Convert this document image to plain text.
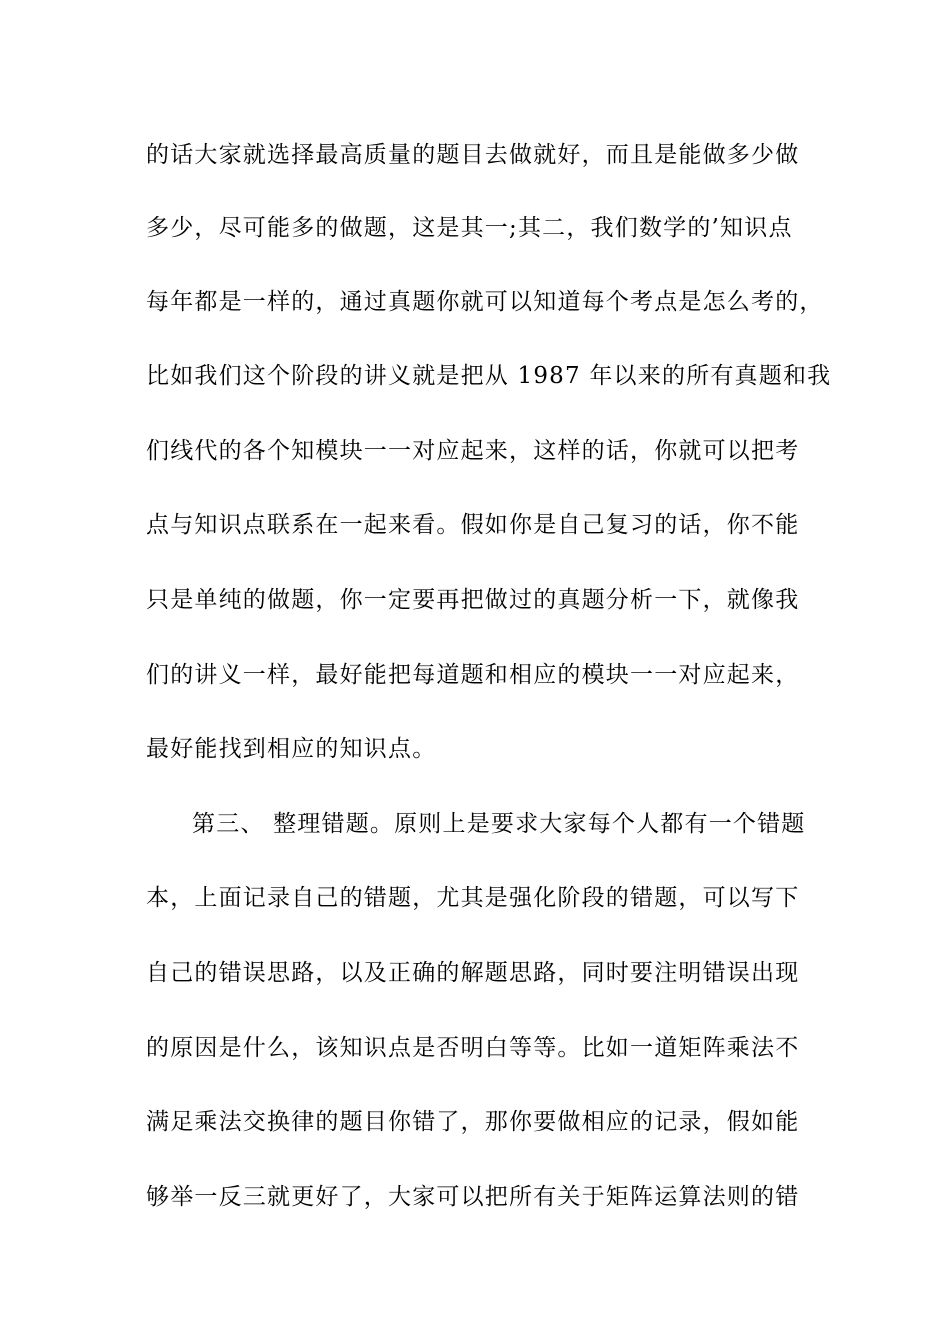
的话大家就选择最高质量的题目去做就好，而且是能做多少做
多少，尽可能多的做题，这是其一;其二，我们数学的’知识点
每年都是一样的，通过真题你就可以知道每个考点是怎么考的，
比如我们这个阶段的讲义就是把从 1987 年以来的所有真题和我
们线代的各个知模块一一对应起来，这样的话，你就可以把考
点与知识点联系在一起来看。假如你是自己复习的话，你不能
只是单纯的做题，你一定要再把做过的真题分析一下，就像我
们的讲义一样，最好能把每道题和相应的模块一一对应起来，
最好能找到相应的知识点。
第三、 整理错题。原则上是要求大家每个人都有一个错题
本，上面记录自己的错题，尤其是强化阶段的错题，可以写下
自己的错误思路，以及正确的解题思路，同时要注明错误出现
的原因是什么，该知识点是否明白等等。比如一道矩阵乘法不
满足乘法交换律的题目你错了，那你要做相应的记录，假如能
够举一反三就更好了，大家可以把所有关于矩阵运算法则的错
